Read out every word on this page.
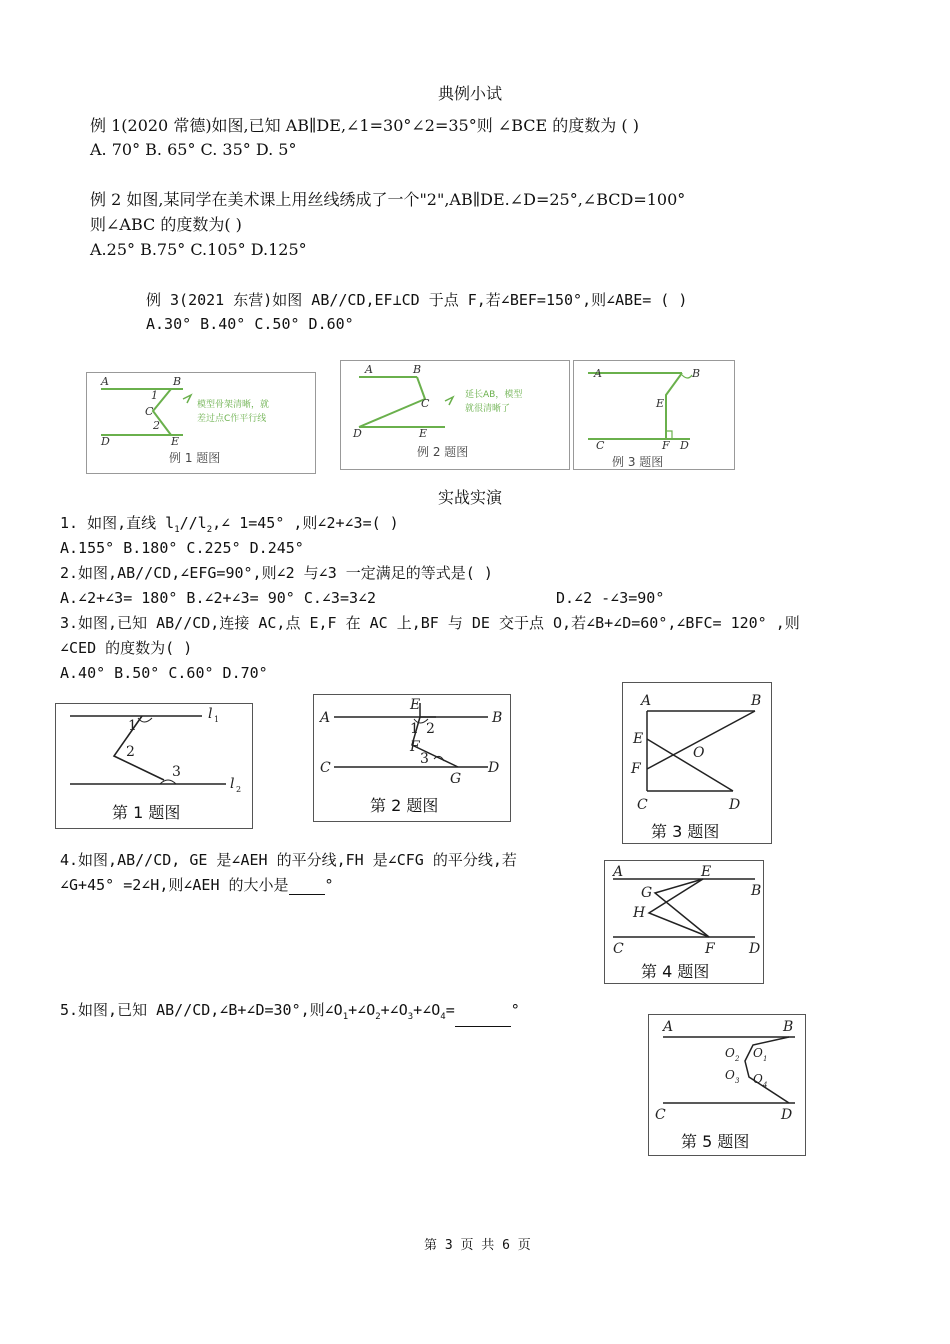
典例小试
例 1(2020 常德)如图,已知 AB∥DE,∠1=30°∠2=35°则 ∠BCE 的度数为 ( )
A. 70° B. 65° C. 35° D. 5°
例 2 如图,某同学在美术课上用丝线绣成了一个"2",AB∥DE.∠D=25°,∠BCD=100°
则∠ABC 的度数为( )
A.25° B.75° C.105° D.125°
例 3(2021 东营)如图 AB//CD,EF⊥CD 于点 F,若∠BEF=150°,则∠ABE= ( )
A.30° B.40° C.50° D.60°
A	B
C
D	E
1
2
模型骨架清晰，就
差过点C作平行线
例 1 题图
A	B
C
D	E
延长AB，模型
就很清晰了
例 2 题图
A	B
E
C	F D
例 3 题图
实战实演
1. 如图,直线 $l_1//l_2,\angle$ 1=45° ,则∠2+∠3=( )
A.155° B.180° C.225° D.245°
2.如图,AB//CD,∠EFG=90°,则∠2 与∠3 一定满足的等式是( )
A.∠2+∠3= 180° B.∠2+∠3= 90° C.∠3=3∠2	D.∠2 -∠3=90°
3.如图,已知 AB//CD,连接 AC,点 E,F 在 AC 上,BF 与 DE 交于点 O,若∠B+∠D=60°,∠BFC= 120° ,则
∠CED 的度数为( )
A.40° B.50° C.60° D.70°
1
2
3
l 1
l 2
第 1 题图
A	B
C	D
E
F
G
1 2
3
第 2 题图
A	B
E
O
F
C	D
第 3 题图
4.如图,AB//CD, GE 是∠AEH 的平分线,FH 是∠CFG 的平分线,若
∠G+45° =2∠H,则∠AEH 的大小是 °
A	E
B
G
H
C	F D
第 4 题图
5.如图,已知 AB//CD,∠B+∠D=30°,则$\angle O_1+\angle O_2+\angle O_3+\angle O_4=$	°
A	B
C	D
O 2 O 1
O 3 O 4
第 5 题图
第 3 页 共 6 页
